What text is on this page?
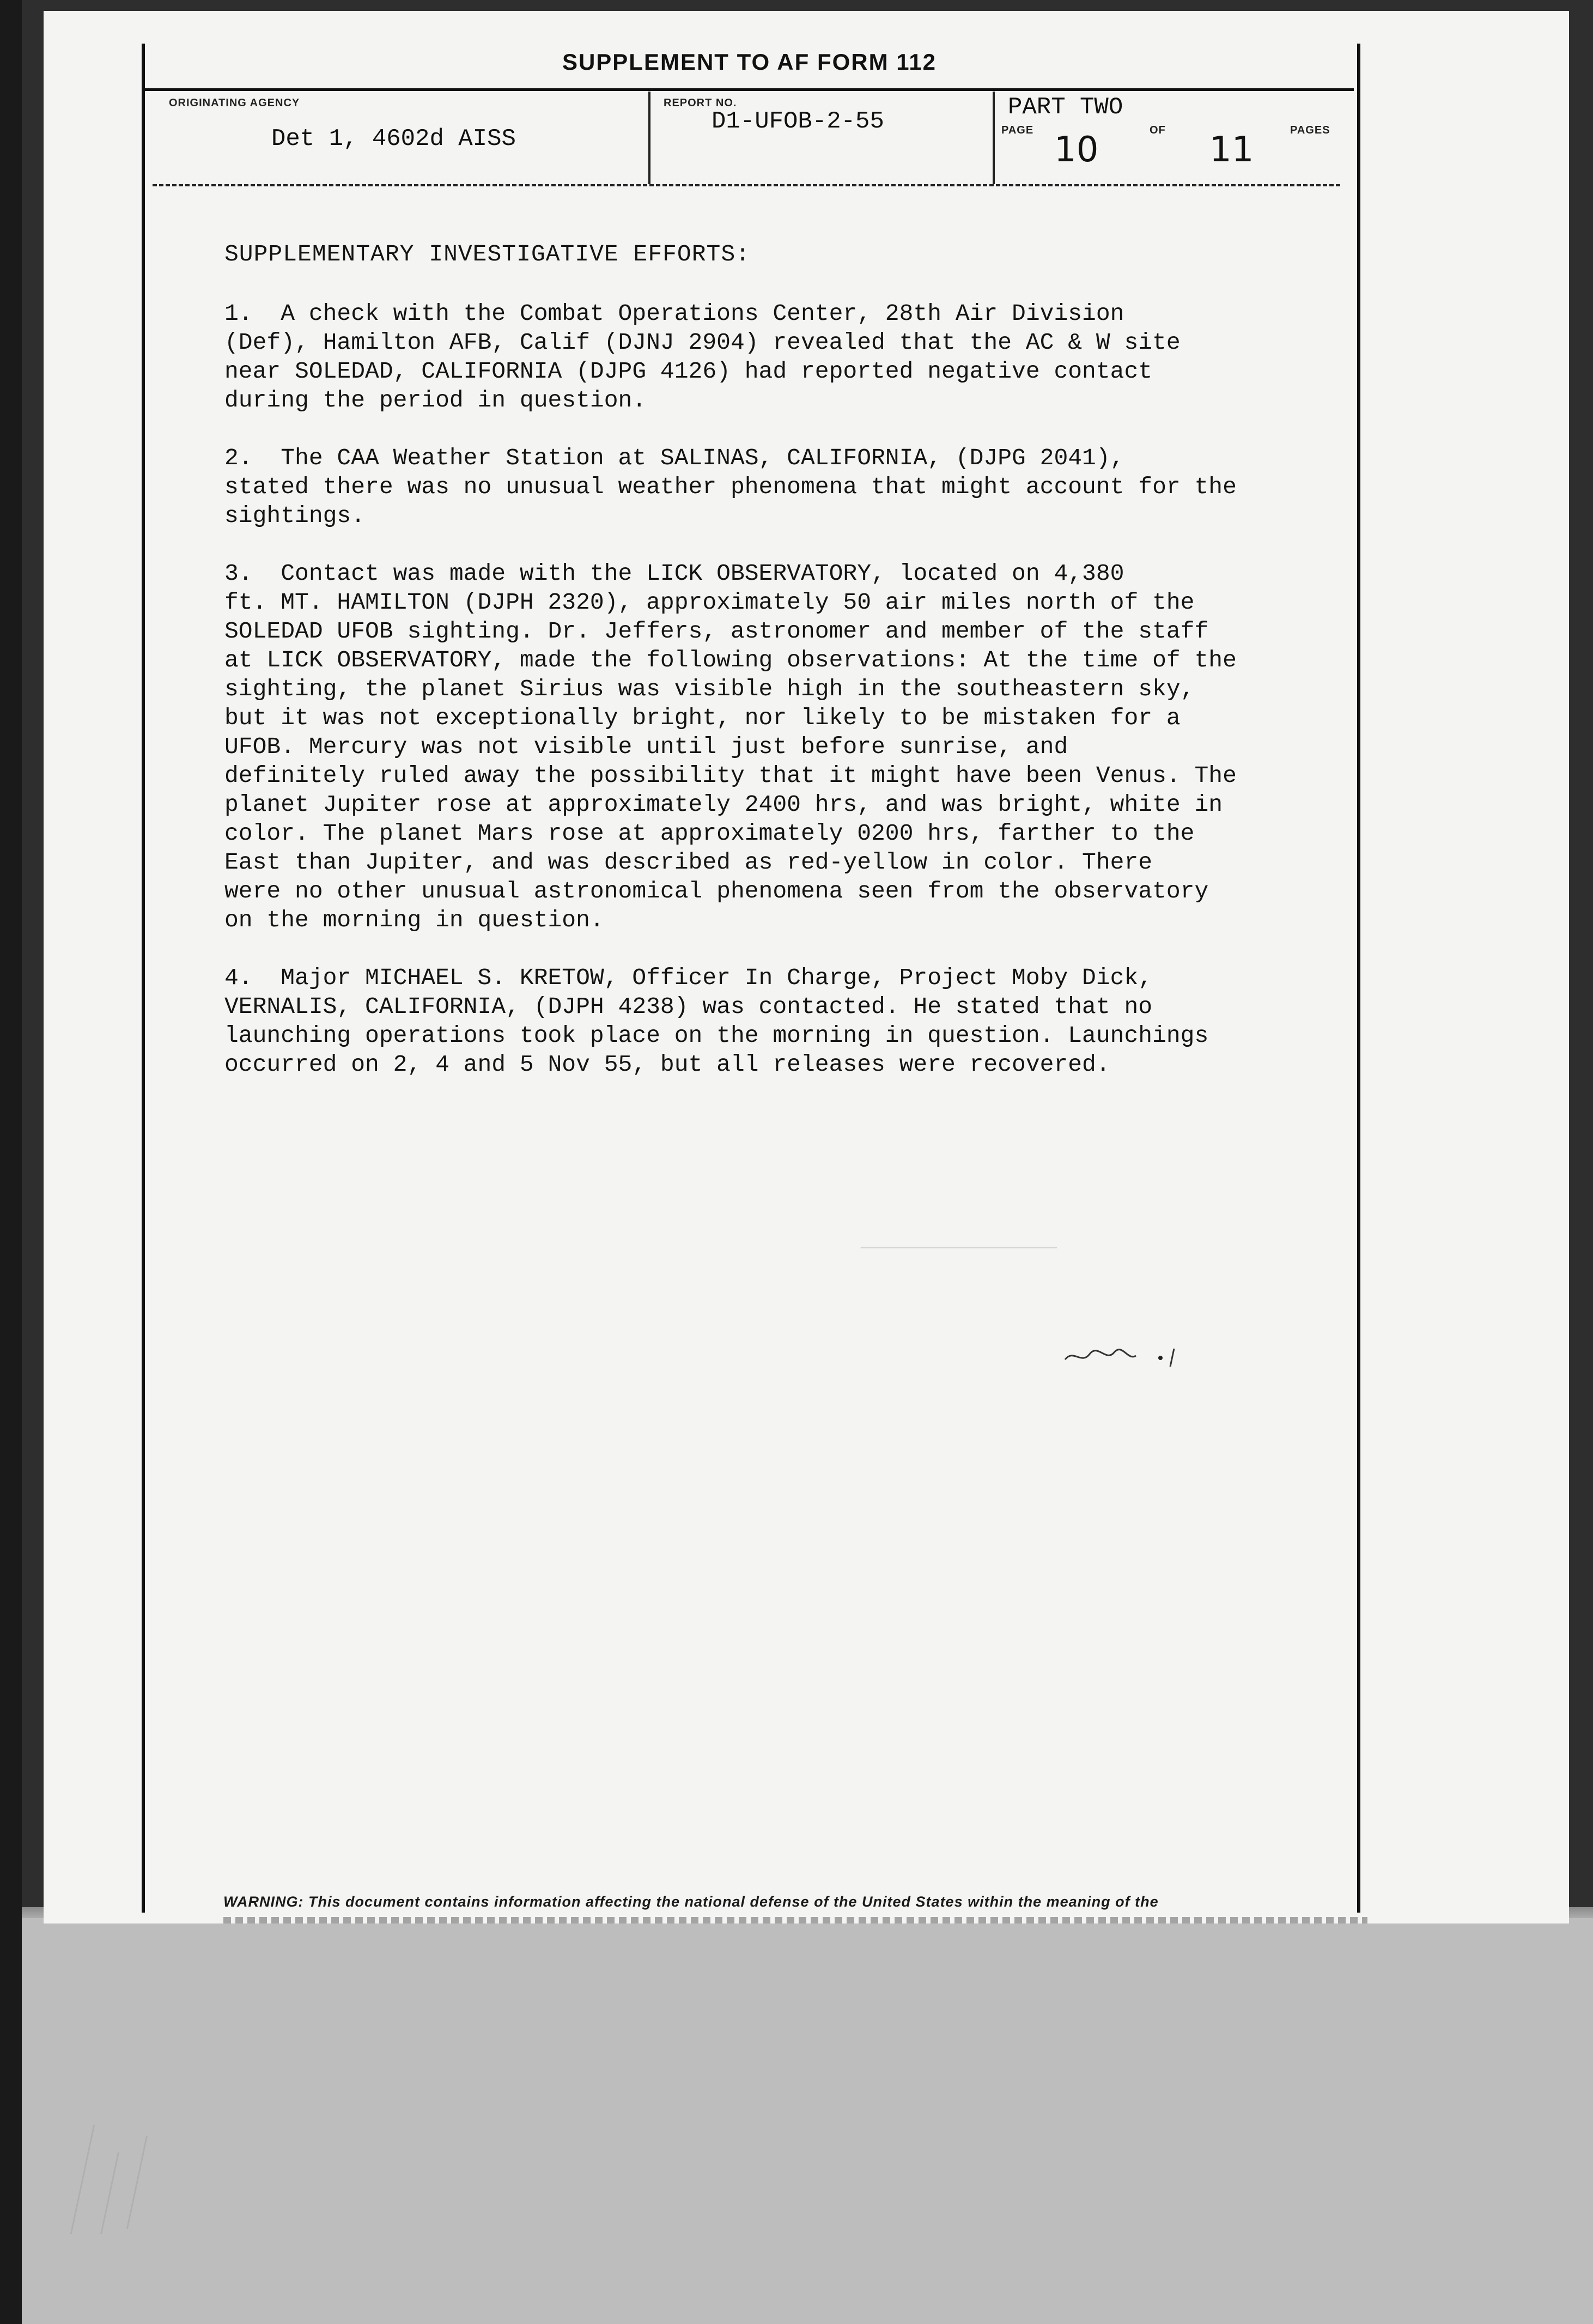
SUPPLEMENT TO AF FORM 112
ORIGINATING AGENCY
Det 1, 4602d AISS
REPORT NO.
D1-UFOB-2-55
PART TWO
PAGE 10	OF 11	PAGES
───────────────
SUPPLEMENTARY INVESTIGATIVE EFFORTS:
1. A check with the Combat Operations Center, 28th Air Division
(Def), Hamilton AFB, Calif (DJNJ 2904) revealed that the AC & W site
near SOLEDAD, CALIFORNIA (DJPG 4126) had reported negative contact
during the period in question.
2. The CAA Weather Station at SALINAS, CALIFORNIA, (DJPG 2041),
stated there was no unusual weather phenomena that might account for the
sightings.
3. Contact was made with the LICK OBSERVATORY, located on 4,380
ft. MT. HAMILTON (DJPH 2320), approximately 50 air miles north of the
SOLEDAD UFOB sighting. Dr. Jeffers, astronomer and member of the staff
at LICK OBSERVATORY, made the following observations: At the time of the
sighting, the planet Sirius was visible high in the southeastern sky,
but it was not exceptionally bright, nor likely to be mistaken for a
UFOB. Mercury was not visible until just before sunrise, and
definitely ruled away the possibility that it might have been Venus. The
planet Jupiter rose at approximately 2400 hrs, and was bright, white in
color. The planet Mars rose at approximately 0200 hrs, farther to the
East than Jupiter, and was described as red-yellow in color. There
were no other unusual astronomical phenomena seen from the observatory
on the morning in question.
4. Major MICHAEL S. KRETOW, Officer In Charge, Project Moby Dick,
VERNALIS, CALIFORNIA, (DJPH 4238) was contacted. He stated that no
launching operations took place on the morning in question. Launchings
occurred on 2, 4 and 5 Nov 55, but all releases were recovered.
WARNING: This document contains information affecting the national defense of the United States within the meaning of the
